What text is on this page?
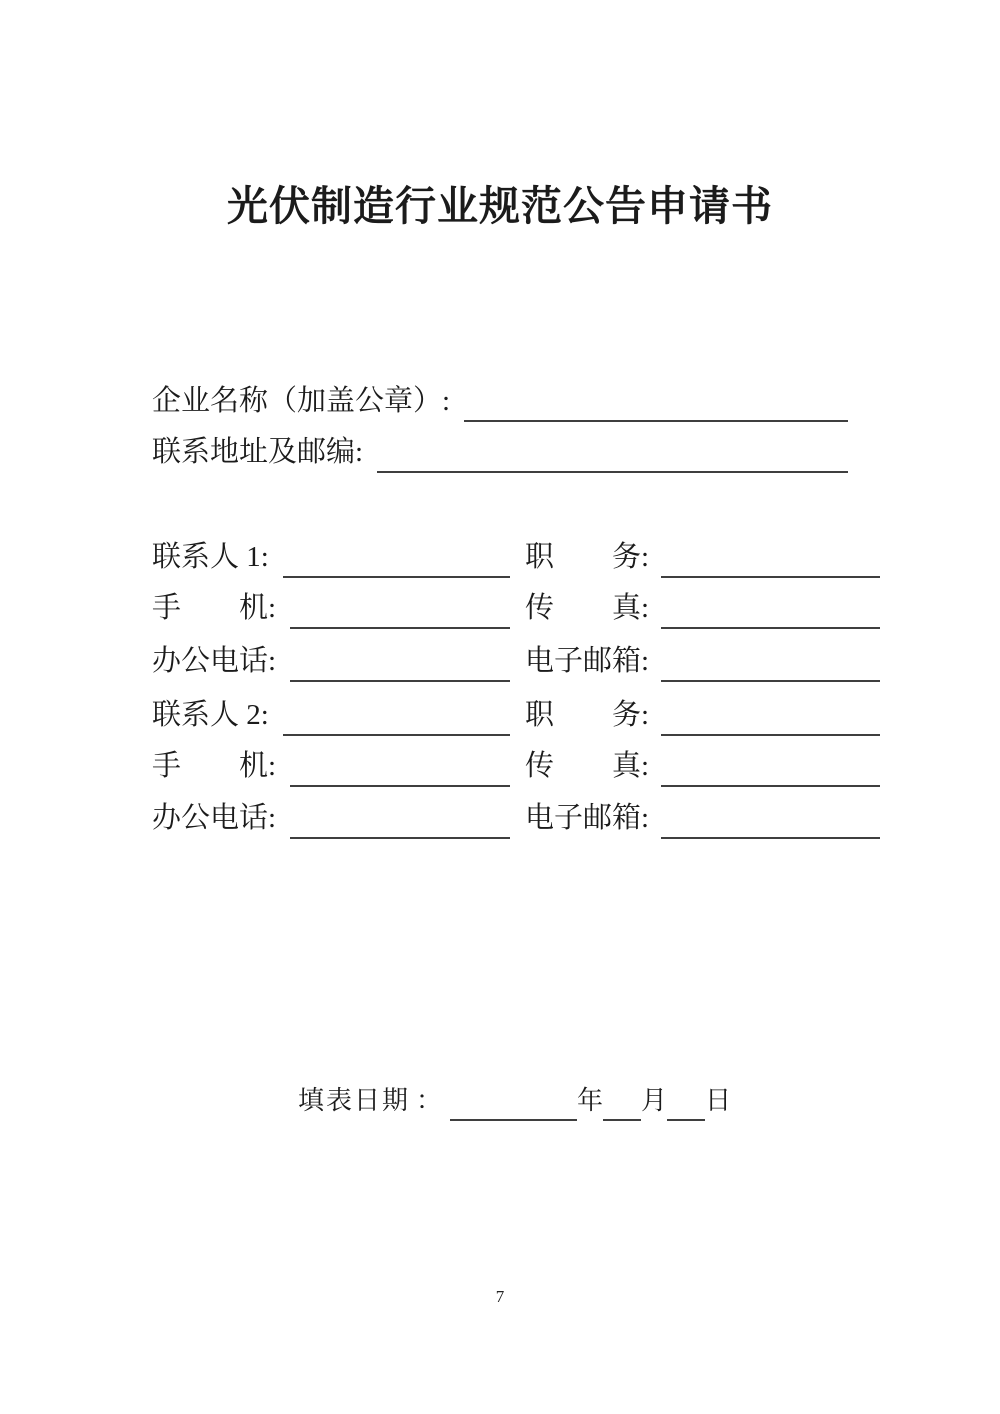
光伏制造行业规范公告申请书
企业名称（加盖公章）:
联系地址及邮编:
联系人 1:	职务:
手机:	传真:
办公电话:	电子邮箱:
联系人 2:	职务:
手机:	传真:
办公电话:	电子邮箱:
填表日期 ：	年 月 日
7
